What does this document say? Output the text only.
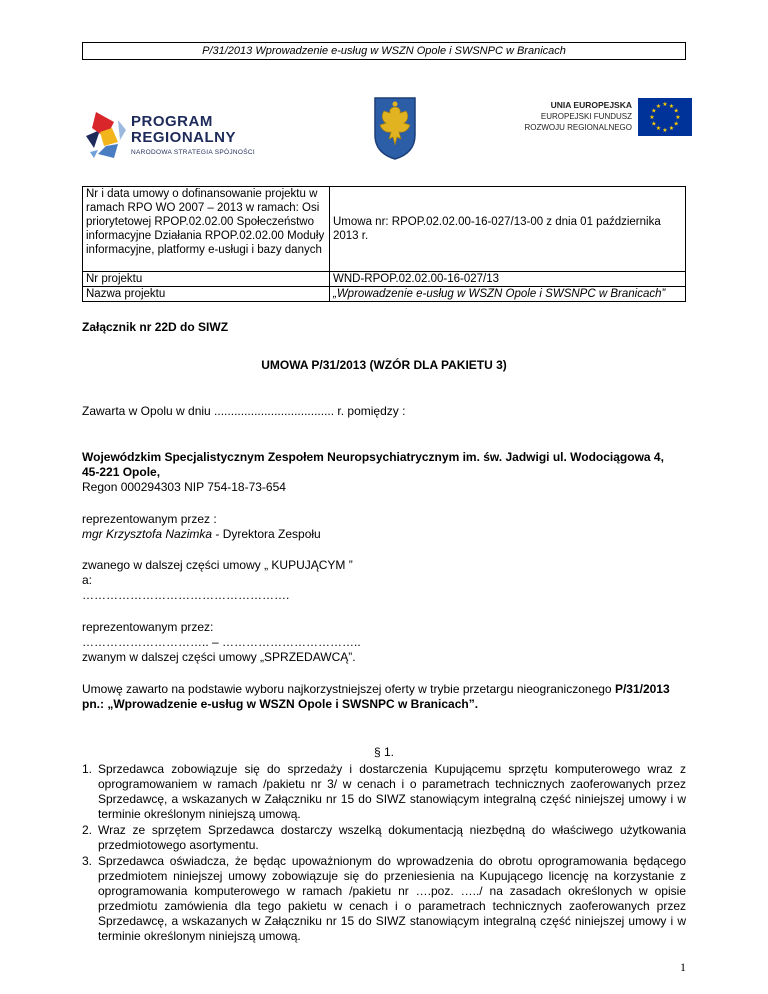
P/31/2013 Wprowadzenie e-usług w WSZN Opole i SWSNPC w Branicach
PROGRAM
REGIONALNY
NARODOWA STRATEGIA SPÓJNOŚCI
UNIA EUROPEJSKA
EUROPEJSKI FUNDUSZ
ROZWOJU REGIONALNEGO
★ ★
★
★
★
★
★
★
★
★
★
★
Nr i data umowy o dofinansowanie projektu w ramach RPO WO 2007 – 2013 w ramach: Osi priorytetowej RPOP.02.02.00 Społeczeństwo informacyjne Działania RPOP.02.02.00 Moduły informacyjne, platformy e-usługi i bazy danych	Umowa nr: RPOP.02.02.00-16-027/13-00 z dnia 01 października 2013 r.
Nr projektu	WND-RPOP.02.02.00-16-027/13
Nazwa projektu	„Wprowadzenie e-usług w WSZN Opole i SWSNPC w Branicach”
Załącznik nr 22D do SIWZ
UMOWA P/31/2013 (WZÓR DLA PAKIETU 3)
Zawarta w Opolu w dniu .................................... r. pomiędzy :
Wojewódzkim Specjalistycznym Zespołem Neuropsychiatrycznym im. św. Jadwigi ul. Wodociągowa 4,
45-221 Opole,
Regon 000294303 NIP 754-18-73-654
reprezentowanym przez :
mgr Krzysztofa Nazimka - Dyrektora Zespołu
zwanego w dalszej części umowy „ KUPUJĄCYM ”
a:
…………………………………………….
reprezentowanym przez:
………………………….. – ……………………………..
zwanym w dalszej części umowy „SPRZEDAWCĄ”.
Umowę zawarto na podstawie wyboru najkorzystniejszej oferty w trybie przetargu nieograniczonego P/31/2013
pn.: „Wprowadzenie e-usług w WSZN Opole i SWSNPC w Branicach”.
§ 1.
1. Sprzedawca zobowiązuje się do sprzedaży i dostarczenia Kupującemu sprzętu komputerowego wraz z oprogramowaniem w ramach /pakietu nr 3/ w cenach i o parametrach technicznych zaoferowanych przez Sprzedawcę, a wskazanych w Załączniku nr 15 do SIWZ stanowiącym integralną część niniejszej umowy i w terminie określonym niniejszą umową.
2. Wraz ze sprzętem Sprzedawca dostarczy wszelką dokumentacją niezbędną do właściwego użytkowania przedmiotowego asortymentu.
3. Sprzedawca oświadcza, że będąc upoważnionym do wprowadzenia do obrotu oprogramowania będącego przedmiotem niniejszej umowy zobowiązuje się do przeniesienia na Kupującego licencję na korzystanie z oprogramowania komputerowego w ramach /pakietu nr ….poz. …../ na zasadach określonych w opisie przedmiotu zamówienia dla tego pakietu w cenach i o parametrach technicznych zaoferowanych przez Sprzedawcę, a wskazanych w Załączniku nr 15 do SIWZ stanowiącym integralną część niniejszej umowy i w terminie określonym niniejszą umową.
1
